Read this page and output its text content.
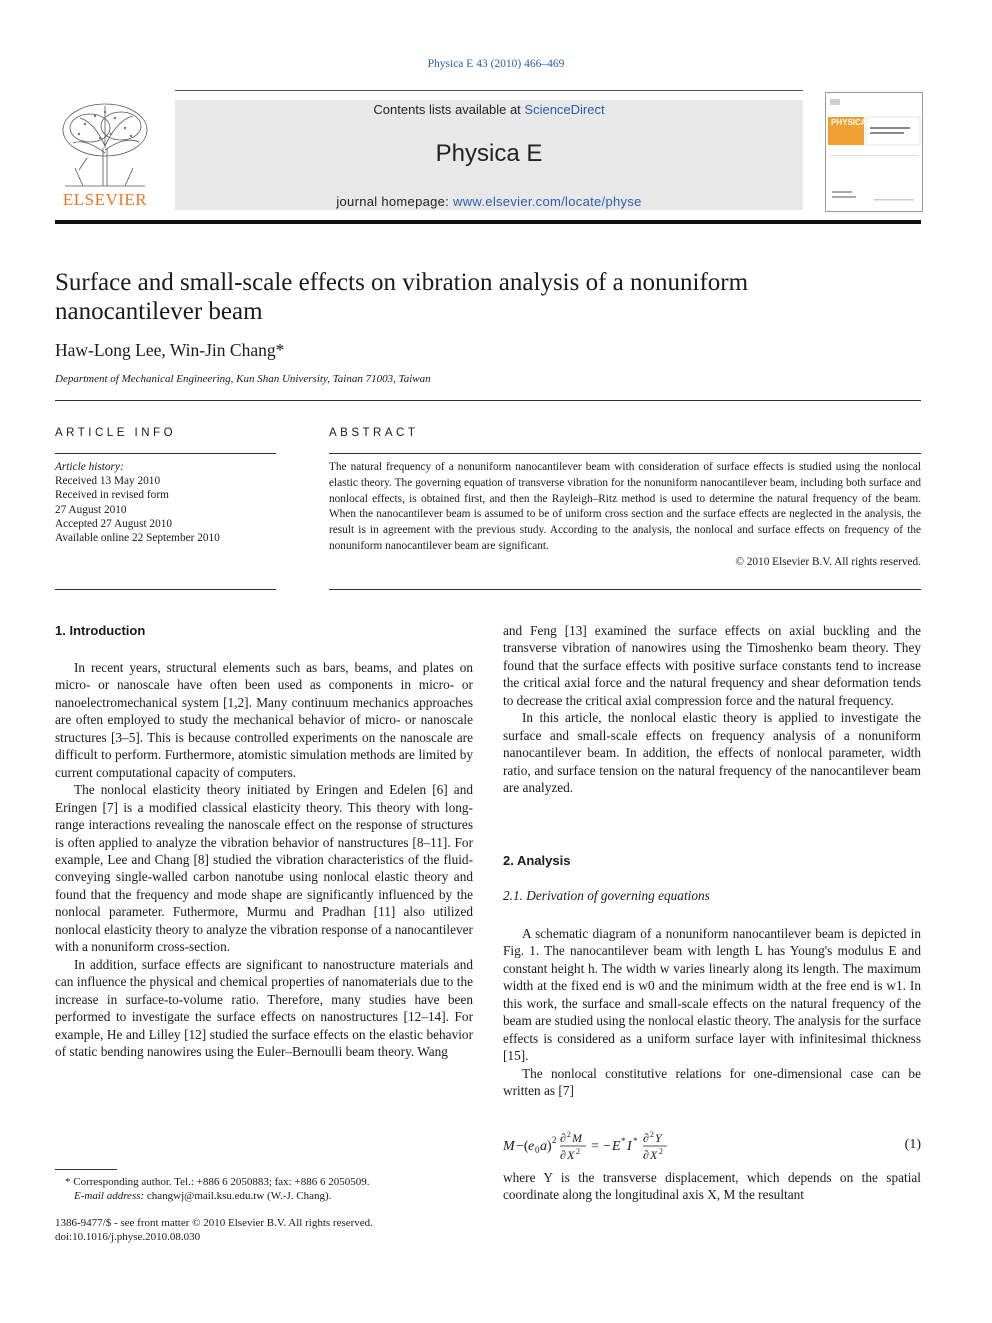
Physica E 43 (2010) 466–469
ELSEVIER
Contents lists available at ScienceDirect
Physica E
journal homepage: www.elsevier.com/locate/physe
PHYSICA
Surface and small-scale effects on vibration analysis of a nonuniform
nanocantilever beam
Haw-Long Lee, Win-Jin Chang*
Department of Mechanical Engineering, Kun Shan University, Tainan 71003, Taiwan
ARTICLE INFO
Article history:
Received 13 May 2010
Received in revised form
27 August 2010
Accepted 27 August 2010
Available online 22 September 2010
ABSTRACT
The natural frequency of a nonuniform nanocantilever beam with consideration of surface effects is studied using the nonlocal elastic theory. The governing equation of transverse vibration for the nonuniform nanocantilever beam, including both surface and nonlocal effects, is obtained first, and then the Rayleigh–Ritz method is used to determine the natural frequency of the beam. When the nanocantilever beam is assumed to be of uniform cross section and the surface effects are neglected in the analysis, the result is in agreement with the previous study. According to the analysis, the nonlocal and surface effects on frequency of the nonuniform nanocantilever beam are significant.
© 2010 Elsevier B.V. All rights reserved.
1. Introduction

In recent years, structural elements such as bars, beams, and plates on micro- or nanoscale have often been used as components in micro- or nanoelectromechanical system [1,2]. Many continuum mechanics approaches are often employed to study the mechanical behavior of micro- or nanoscale structures [3–5]. This is because controlled experiments on the nanoscale are difficult to perform. Furthermore, atomistic simulation methods are limited by current computational capacity of computers.

The nonlocal elasticity theory initiated by Eringen and Edelen [6] and Eringen [7] is a modified classical elasticity theory. This theory with long-range interactions revealing the nanoscale effect on the response of structures is often applied to analyze the vibration behavior of nanstructures [8–11]. For example, Lee and Chang [8] studied the vibration characteristics of the fluid-conveying single-walled carbon nanotube using nonlocal elastic theory and found that the frequency and mode shape are significantly influenced by the nonlocal parameter. Futhermore, Murmu and Pradhan [11] also utilized nonlocal elasticity theory to analyze the vibration response of a nanocantilever with a nonuniform cross-section.

In addition, surface effects are significant to nanostructure materials and can influence the physical and chemical properties of nanomaterials due to the increase in surface-to-volume ratio. Therefore, many studies have been performed to investigate the surface effects on nanostructures [12–14]. For example, He and Lilley [12] studied the surface effects on the elastic behavior of static bending nanowires using the Euler–Bernoulli beam theory. Wang

and Feng [13] examined the surface effects on axial buckling and the transverse vibration of nanowires using the Timoshenko beam theory. They found that the surface effects with positive surface constants tend to increase the critical axial force and the natural frequency and shear deformation tends to decrease the critical axial compression force and the natural frequency.

In this article, the nonlocal elastic theory is applied to investigate the surface and small-scale effects on frequency analysis of a nonuniform nanocantilever beam. In addition, the effects of nonlocal parameter, width ratio, and surface tension on the natural frequency of the nanocantilever beam are analyzed.

2. Analysis
2.1. Derivation of governing equations

A schematic diagram of a nonuniform nanocantilever beam is depicted in Fig. 1. The nanocantilever beam with length L has Young's modulus E and constant height h. The width w varies linearly along its length. The maximum width at the fixed end is w0 and the minimum width at the free end is w1. In this work, the surface and small-scale effects on the natural frequency of the beam are studied using the nonlocal elastic theory. The analysis for the surface effects is considered as a uniform surface layer with infinitesimal thickness [15].

The nonlocal constitutive relations for one-dimensional case can be written as [7]

M −( e 0 a ) 2 ∂ 2 M
∂ X 2 = − E * I * ∂ 2 Y
∂ X 2	(1)

where Y is the transverse displacement, which depends on the spatial coordinate along the longitudinal axis X, M the resultant

* Corresponding author. Tel.: +886 6 2050883; fax: +886 6 2050509.
E-mail address: changwj@mail.ksu.edu.tw (W.-J. Chang).
1386-9477/$ - see front matter © 2010 Elsevier B.V. All rights reserved.
doi:10.1016/j.physe.2010.08.030
